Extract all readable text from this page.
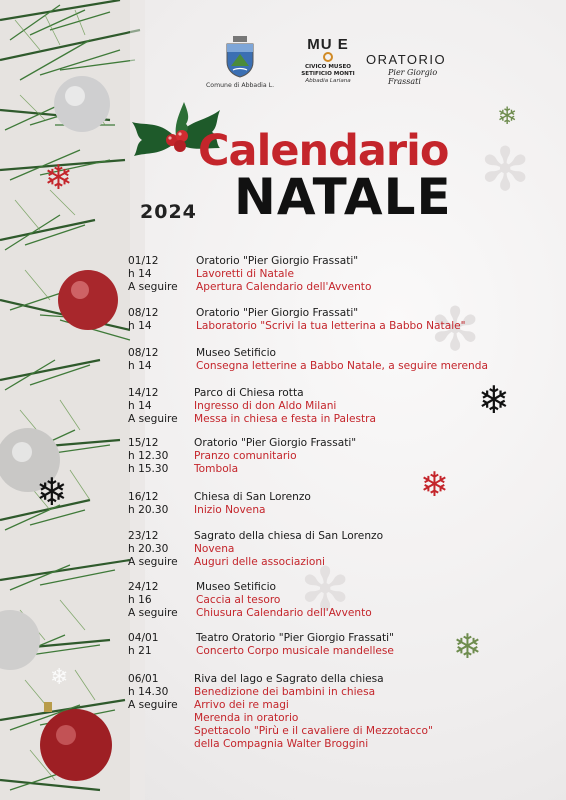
✻
✻
✻
❄
❄
❄
❄
❄
❄
❄
Comune di Abbadia L.
MU E
CIVICO MUSEO
SETIFICIO MONTI
Abbadia Lariana
ORATORIO
Pier Giorgio Frassati
Calendario
NATALE
2024
01/12	Oratorio "Pier Giorgio Frassati"
h 14	Lavoretti di Natale
A seguire Apertura Calendario dell'Avvento
08/12	Oratorio "Pier Giorgio Frassati"
h 14	Laboratorio "Scrivi la tua letterina a Babbo Natale"
08/12	Museo Setificio
h 14	Consegna letterine a Babbo Natale, a seguire merenda
14/12	Parco di Chiesa rotta
h 14	Ingresso di don Aldo Milani
A seguire Messa in chiesa e festa in Palestra
15/12	Oratorio "Pier Giorgio Frassati"
h 12.30 Pranzo comunitario
h 15.30 Tombola
16/12	Chiesa di San Lorenzo
h 20.30 Inizio Novena
23/12	Sagrato della chiesa di San Lorenzo
h 20.30 Novena
A seguire Auguri delle associazioni
24/12	Museo Setificio
h 16	Caccia al tesoro
A seguire Chiusura Calendario dell'Avvento
04/01	Teatro Oratorio "Pier Giorgio Frassati"
h 21	Concerto Corpo musicale mandellese
06/01	Riva del lago e Sagrato della chiesa
h 14.30 Benedizione dei bambini in chiesa
A seguire Arrivo dei re magi
Merenda in oratorio
Spettacolo "Pirù e il cavaliere di Mezzotacco"
della Compagnia Walter Broggini
